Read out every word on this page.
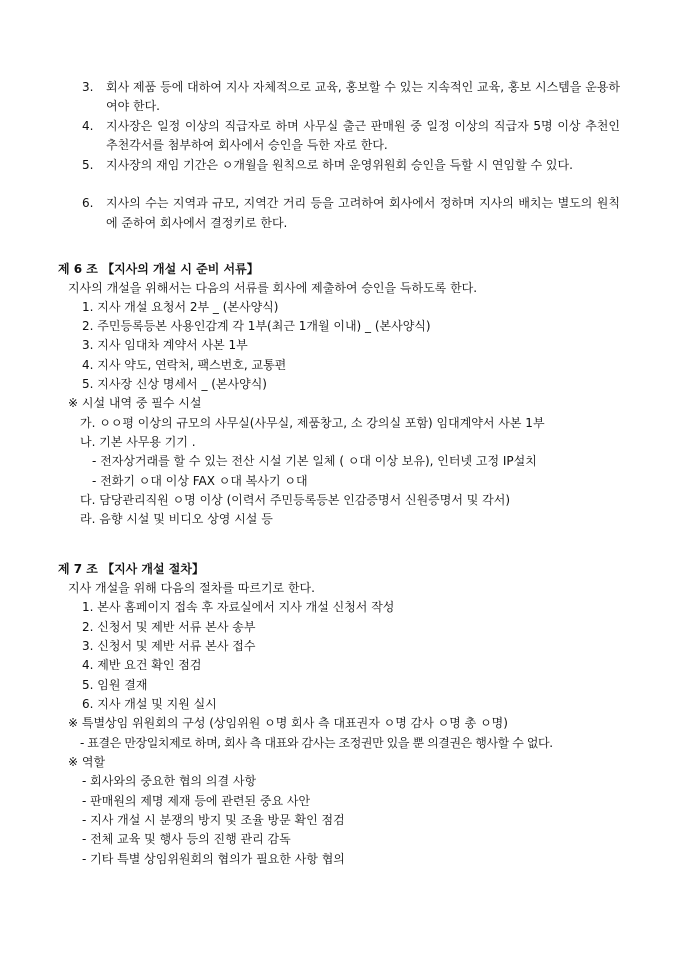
3.	회사 제품 등에 대하여 지사 자체적으로 교육, 홍보할 수 있는 지속적인 교육, 홍보 시스템을 운용하여야 한다.
4.	지사장은 일정 이상의 직급자로 하며 사무실 출근 판매원 중 일정 이상의 직급자 5명 이상 추천인 추천각서를 첨부하여 회사에서 승인을 득한 자로 한다.
5.	지사장의 재임 기간은 ㅇ개월을 원칙으로 하며 운영위원회 승인을 득할 시 연임할 수 있다.
6.	지사의 수는 지역과 규모, 지역간 거리 등을 고려하여 회사에서 정하며 지사의 배치는 별도의 원칙에 준하여 회사에서 결정키로 한다.
제 6 조 【지사의 개설 시 준비 서류】
지사의 개설을 위해서는 다음의 서류를 회사에 제출하여 승인을 득하도록 한다.
1. 지사 개설 요청서 2부 _ (본사양식)
2. 주민등록등본 사용인감계 각 1부(최근 1개월 이내) _ (본사양식)
3. 지사 임대차 계약서 사본 1부
4. 지사 약도, 연락처, 팩스번호, 교통편
5. 지사장 신상 명세서 _ (본사양식)
※ 시설 내역 중 필수 시설
가. ㅇㅇ평 이상의 규모의 사무실(사무실, 제품창고, 소 강의실 포함) 임대계약서 사본 1부
나. 기본 사무용 기기 .
- 전자상거래를 할 수 있는 전산 시설 기본 일체 ( ㅇ대 이상 보유), 인터넷 고정 IP설치
- 전화기 ㅇ대 이상 FAX ㅇ대 복사기 ㅇ대
다. 담당관리직원 ㅇ명 이상 (이력서 주민등록등본 인감증명서 신원증명서 및 각서)
라. 음향 시설 및 비디오 상영 시설 등
제 7 조 【지사 개설 절차】
지사 개설을 위해 다음의 절차를 따르기로 한다.
1. 본사 홈페이지 접속 후 자료실에서 지사 개설 신청서 작성
2. 신청서 및 제반 서류 본사 송부
3. 신청서 및 제반 서류 본사 접수
4. 제반 요건 확인 점검
5. 임원 결재
6. 지사 개설 및 지원 실시
※ 특별상임 위원회의 구성 (상임위원 ㅇ명 회사 측 대표권자 ㅇ명 감사 ㅇ명 총 ㅇ명)
- 표결은 만장일치제로 하며, 회사 측 대표와 감사는 조정권만 있을 뿐 의결권은 행사할 수 없다.
※ 역할
- 회사와의 중요한 협의 의결 사항
- 판매원의 제명 제재 등에 관련된 중요 사안
- 지사 개설 시 분쟁의 방지 및 조율 방문 확인 점검
- 전체 교육 및 행사 등의 진행 관리 감독
- 기타 특별 상임위원회의 협의가 필요한 사항 협의
